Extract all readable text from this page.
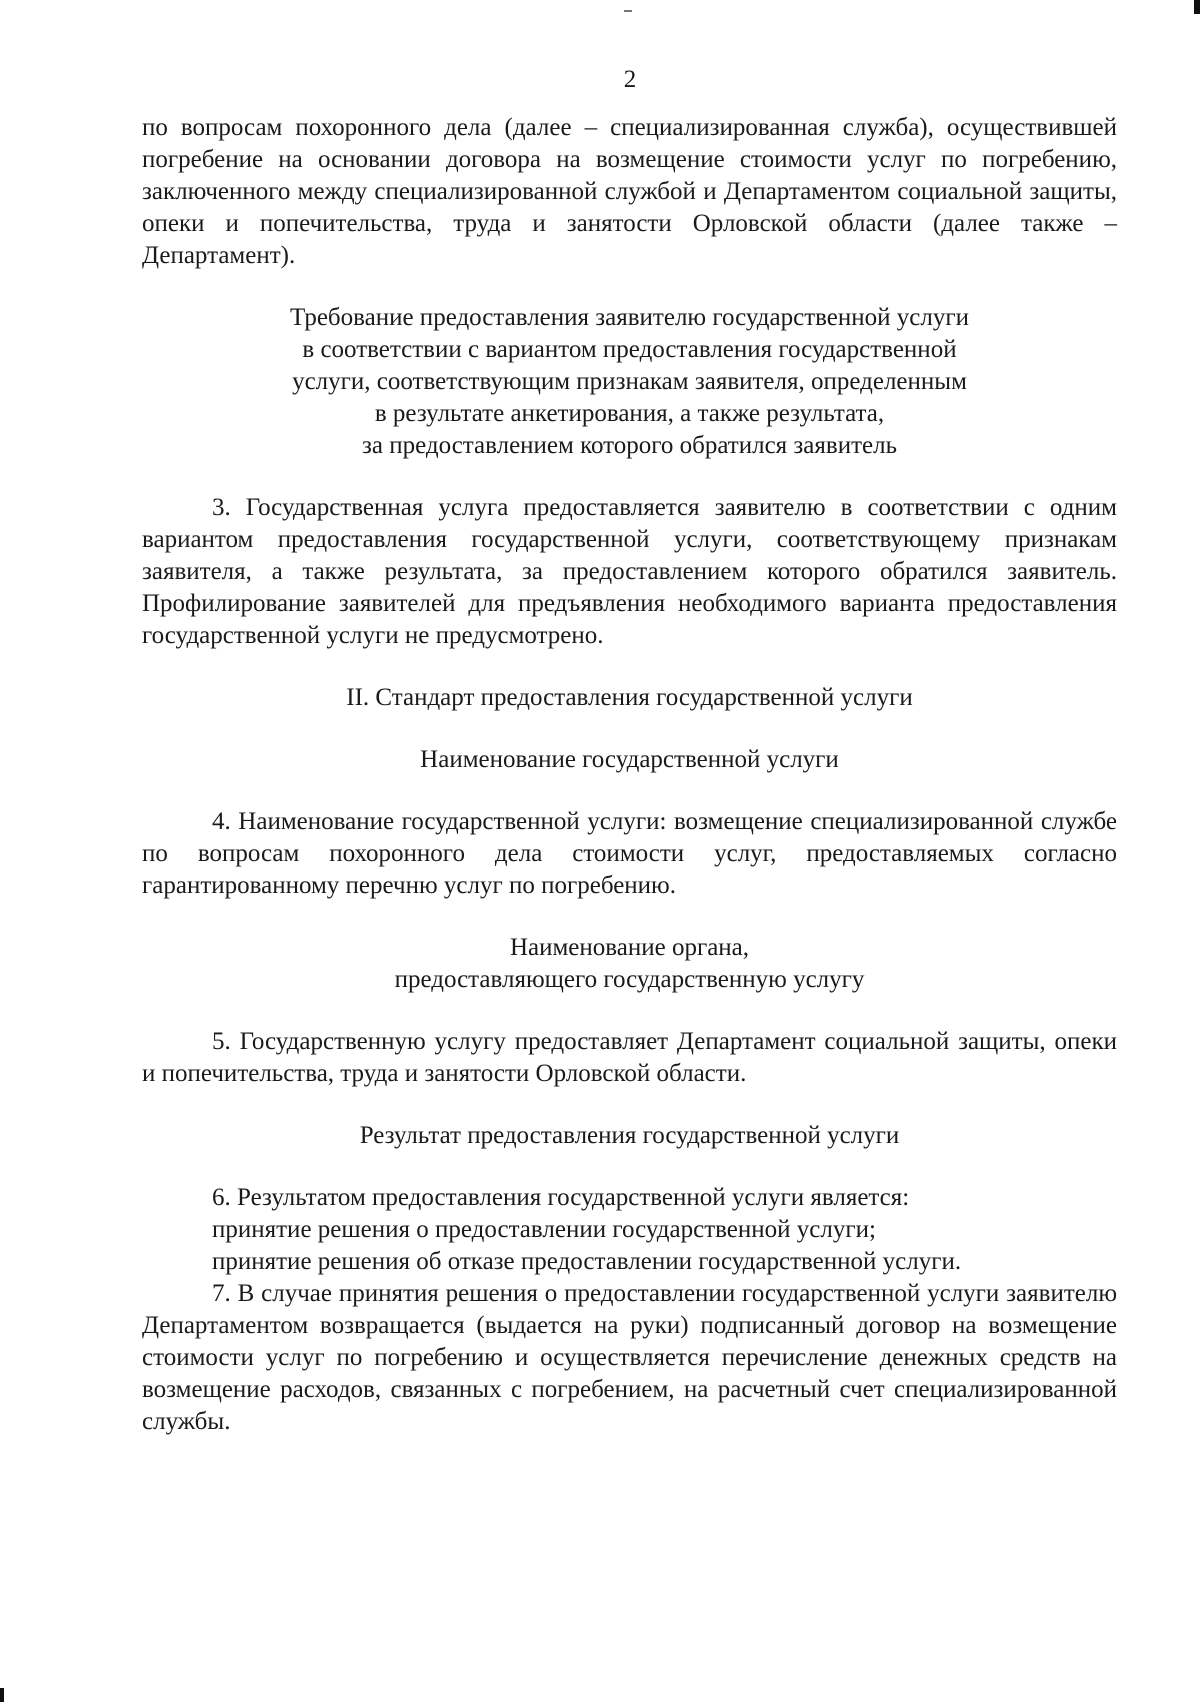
2

по вопросам похоронного дела (далее – специализированная служба), осуществившей погребение на основании договора на возмещение стоимости услуг по погребению, заключенного между специализированной службой и Департаментом социальной защиты, опеки и попечительства, труда и занятости Орловской области (далее также – Департамент).

Требование предоставления заявителю государственной услуги
в соответствии с вариантом предоставления государственной
услуги, соответствующим признакам заявителя, определенным
в результате анкетирования, а также результата,
за предоставлением которого обратился заявитель

3. Государственная услуга предоставляется заявителю в соответствии с одним вариантом предоставления государственной услуги, соответствующему признакам заявителя, а также результата, за предоставлением которого обратился заявитель. Профилирование заявителей для предъявления необходимого варианта предоставления государственной услуги не предусмотрено.

II. Стандарт предоставления государственной услуги
Наименование государственной услуги

4. Наименование государственной услуги: возмещение специализированной службе по вопросам похоронного дела стоимости услуг, предоставляемых согласно гарантированному перечню услуг по погребению.

Наименование органа,
предоставляющего государственную услугу

5. Государственную услугу предоставляет Департамент социальной защиты, опеки и попечительства, труда и занятости Орловской области.

Результат предоставления государственной услуги

6. Результатом предоставления государственной услуги является:

принятие решения о предоставлении государственной услуги;

принятие решения об отказе предоставлении государственной услуги.

7. В случае принятия решения о предоставлении государственной услуги заявителю Департаментом возвращается (выдается на руки) подписанный договор на возмещение стоимости услуг по погребению и осуществляется перечисление денежных средств на возмещение расходов, связанных с погребением, на расчетный счет специализированной службы.
